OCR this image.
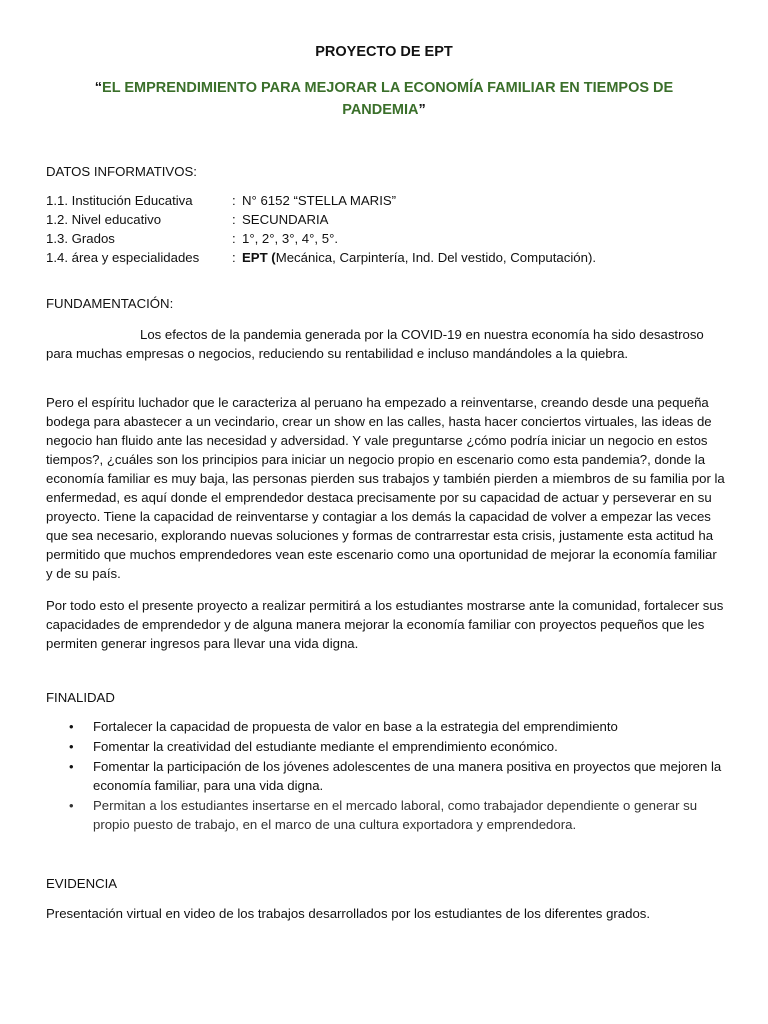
PROYECTO DE EPT
“EL EMPRENDIMIENTO PARA MEJORAR LA ECONOMÍA FAMILIAR EN TIEMPOS DE PANDEMIA”
DATOS INFORMATIVOS:
1.1. Institución Educativa	: N° 6152 “STELLA MARIS”
1.2. Nivel educativo	: SECUNDARIA
1.3. Grados	: 1°, 2°, 3°, 4°, 5°.
1.4. área y especialidades : EPT (Mecánica, Carpintería, Ind. Del vestido, Computación).
FUNDAMENTACIÓN:
Los efectos de la pandemia generada por la COVID-19 en nuestra economía ha sido desastroso para muchas empresas o negocios, reduciendo su rentabilidad e incluso mandándoles a la quiebra.
Pero el espíritu luchador que le caracteriza al peruano ha empezado a reinventarse, creando desde una pequeña bodega para abastecer a un vecindario, crear un show en las calles, hasta hacer conciertos virtuales, las ideas de negocio han fluido ante las necesidad y adversidad. Y vale preguntarse ¿cómo podría iniciar un negocio en estos tiempos?, ¿cuáles son los principios para iniciar un negocio propio en escenario como esta pandemia?, donde la economía familiar es muy baja, las personas pierden sus trabajos y también pierden a miembros de su familia por la enfermedad, es aquí donde el emprendedor destaca precisamente por su capacidad de actuar y perseverar en su proyecto. Tiene la capacidad de reinventarse y contagiar a los demás la capacidad de volver a empezar las veces que sea necesario, explorando nuevas soluciones y formas de contrarrestar esta crisis, justamente esta actitud ha permitido que muchos emprendedores vean este escenario como una oportunidad de mejorar la economía familiar y de su país.
Por todo esto el presente proyecto a realizar permitirá a los estudiantes mostrarse ante la comunidad, fortalecer sus capacidades de emprendedor y de alguna manera mejorar la economía familiar con proyectos pequeños que les permiten generar ingresos para llevar una vida digna.
FINALIDAD
• Fortalecer la capacidad de propuesta de valor en base a la estrategia del emprendimiento
• Fomentar la creatividad del estudiante mediante el emprendimiento económico.
• Fomentar la participación de los jóvenes adolescentes de una manera positiva en proyectos que mejoren la economía familiar, para una vida digna.
• Permitan a los estudiantes insertarse en el mercado laboral, como trabajador dependiente o generar su propio puesto de trabajo, en el marco de una cultura exportadora y emprendedora.
EVIDENCIA
Presentación virtual en video de los trabajos desarrollados por los estudiantes de los diferentes grados.
